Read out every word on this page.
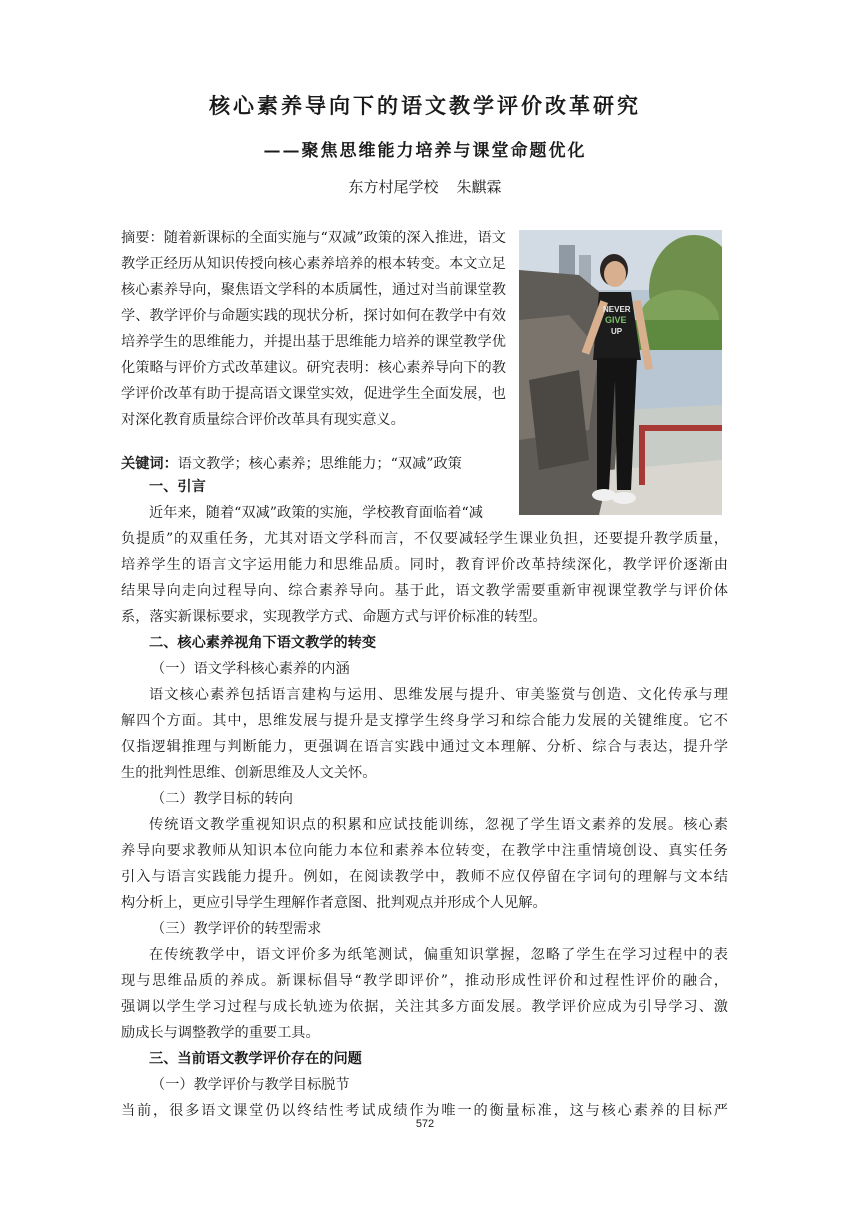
核心素养导向下的语文教学评价改革研究
——聚焦思维能力培养与课堂命题优化
东方村尾学校 朱麒霖
NEVER
GIVE
UP
摘要：随着新课标的全面实施与“双减”政策的深入推进，语文教学正经历从知识传授向核心素养培养的根本转变。本文立足核心素养导向，聚焦语文学科的本质属性，通过对当前课堂教学、教学评价与命题实践的现状分析，探讨如何在教学中有效培养学生的思维能力，并提出基于思维能力培养的课堂教学优化策略与评价方式改革建议。研究表明：核心素养导向下的教学评价改革有助于提高语文课堂实效，促进学生全面发展，也对深化教育质量综合评价改革具有现实意义。
关键词：语文教学；核心素养；思维能力；“双减”政策
一、引言
近年来，随着“双减”政策的实施，学校教育面临着“减
负提质”的双重任务，尤其对语文学科而言，不仅要减轻学生课业负担，还要提升教学质量，
培养学生的语言文字运用能力和思维品质。同时，教育评价改革持续深化，教学评价逐渐由
结果导向走向过程导向、综合素养导向。基于此，语文教学需要重新审视课堂教学与评价体
系，落实新课标要求，实现教学方式、命题方式与评价标准的转型。
二、核心素养视角下语文教学的转变
（一）语文学科核心素养的内涵
语文核心素养包括语言建构与运用、思维发展与提升、审美鉴赏与创造、文化传承与理
解四个方面。其中，思维发展与提升是支撑学生终身学习和综合能力发展的关键维度。它不
仅指逻辑推理与判断能力，更强调在语言实践中通过文本理解、分析、综合与表达，提升学
生的批判性思维、创新思维及人文关怀。
（二）教学目标的转向
传统语文教学重视知识点的积累和应试技能训练，忽视了学生语文素养的发展。核心素
养导向要求教师从知识本位向能力本位和素养本位转变，在教学中注重情境创设、真实任务
引入与语言实践能力提升。例如，在阅读教学中，教师不应仅停留在字词句的理解与文本结
构分析上，更应引导学生理解作者意图、批判观点并形成个人见解。
（三）教学评价的转型需求
在传统教学中，语文评价多为纸笔测试，偏重知识掌握，忽略了学生在学习过程中的表
现与思维品质的养成。新课标倡导“教学即评价”，推动形成性评价和过程性评价的融合，
强调以学生学习过程与成长轨迹为依据，关注其多方面发展。教学评价应成为引导学习、激
励成长与调整教学的重要工具。
三、当前语文教学评价存在的问题
（一）教学评价与教学目标脱节
当前，很多语文课堂仍以终结性考试成绩作为唯一的衡量标准，这与核心素养的目标严
572
